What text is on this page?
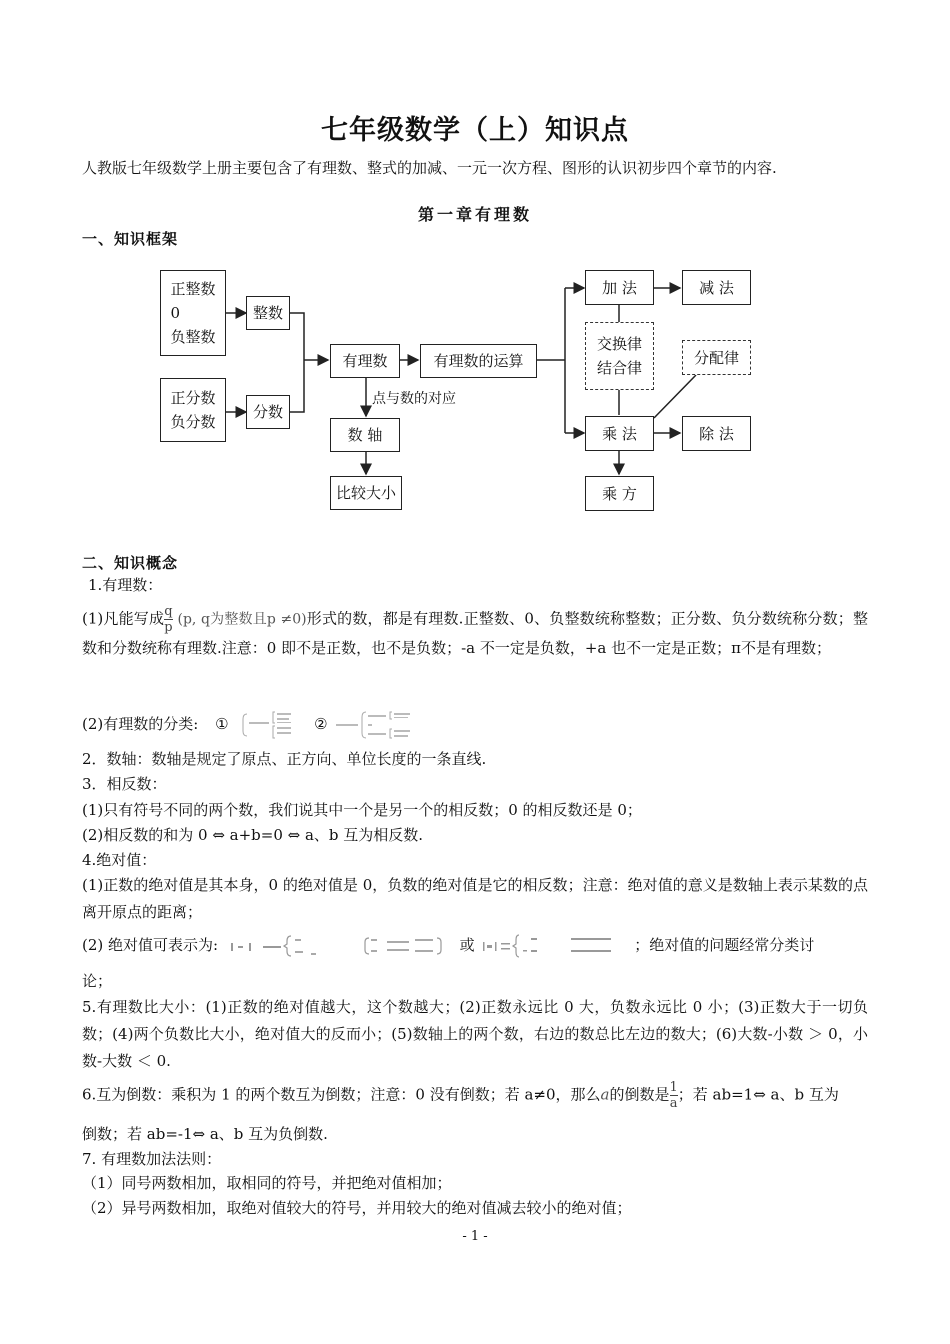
七年级数学（上）知识点
人教版七年级数学上册主要包含了有理数、整式的加减、一元一次方程、图形的认识初步四个章节的内容.
第一章有理数
一、知识框架
正整数
0
负整数
正分数
负分数
整数
分数
有理数	有理数的运算
点与数的对应
数 轴
比较大小
加 法	减 法
交换律
结合律
分配律
乘 法	除 法
乘 方
二、知识概念
1.有理数：
(1)凡能写成 $\frac{q}{p} (p$, q为整数且p ≠0)形式的数，都是有理数.正整数、0、负整数统称整数；正分数、负分数统称分数；整数和分数统称有理数.注意：0 即不是正数，也不是负数；-a 不一定是负数，+a 也不一定是正数；π不是有理数；
(2)有理数的分类: ①	②
2．数轴：数轴是规定了原点、正方向、单位长度的一条直线.
3．相反数：
(1)只有符号不同的两个数，我们说其中一个是另一个的相反数；0 的相反数还是 0；
(2)相反数的和为 0 ⇔ a+b=0 ⇔ a、b 互为相反数.
4.绝对值：
(1)正数的绝对值是其本身，0 的绝对值是 0，负数的绝对值是它的相反数；注意：绝对值的意义是数轴上表示某数的点离开原点的距离；
(2) 绝对值可表示为:	或	；绝对值的问题经常分类讨
论；
5.有理数比大小：(1)正数的绝对值越大，这个数越大；(2)正数永远比 0 大，负数永远比 0 小；(3)正数大于一切负数；(4)两个负数比大小，绝对值大的反而小；(5)数轴上的两个数，右边的数总比左边的数大；(6)大数-小数 ＞ 0，小数-大数 ＜ 0.
6.互为倒数：乘积为 1 的两个数互为倒数；注意：0 没有倒数；若 a≠0，那么a的倒数是 $\frac{1}{a}$ ；若 ab=1⇔ a、b 互为
倒数；若 ab=-1⇔ a、b 互为负倒数.
7. 有理数加法法则：
（1）同号两数相加，取相同的符号，并把绝对值相加；
（2）异号两数相加，取绝对值较大的符号，并用较大的绝对值减去较小的绝对值；
- 1 -
